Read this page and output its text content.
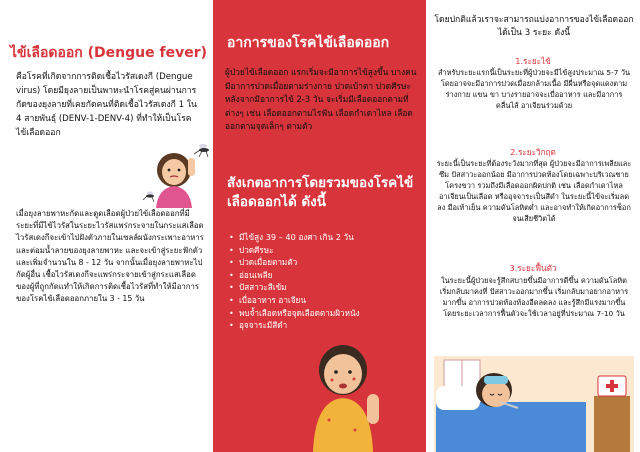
ไข้เลือดออก (Dengue fever)

คือโรคที่เกิดจากการติดเชื้อไวรัสเดงกี (Dengue virus) โดยมียุงลายเป็นพาหะนำโรคสู่คนผ่านการกัดของยุงลายที่เคยกัดคนที่ติดเชื้อไวรัสเดงกี 1 ใน 4 สายพันธุ์ (DENV-1-DENV-4) ที่ทำให้เป็นโรคไข้เลือดออก

เมื่อยุงลายพาหะกัดและดูดเลือดผู้ป่วยไข้เลือดออกที่มีระยะที่มีไข้ไวรัสในระยะไวรัสแพร่กระจายในกระแสเลือด ไวรัสเดงกีจะเข้าไปฝังตัวภายในเซลล์ผนังกระเพาะอาหารและต่อมน้ำลายของยุงลายพาหะ และจะเข้าสู่ระยะฟักตัวและเพิ่มจำนวนใน 8 - 12 วัน จากนั้นเมื่อยุงลายพาหะไปกัดผู้อื่น เชื้อไวรัสเดงกีจะแพร่กระจายเข้าสู่กระแสเลือดของผู้ที่ถูกกัดแทำให้เกิดการติดเชื้อไวรัสที่ทำให้มีอาการของโรคไข้เลือดออกภายใน 3 - 15 วัน

อาการของโรคไข้เลือดออก

ผู้ป่วยไข้เลือดออก แรกเริ่มจะมีอาการไข้สูงขึ้น บางคนมีอาการปวดเมื่อยตามร่างกาย ปวดเบ้าตา ปวดศีรษะ หลังจากมีอาการไข้ 2-3 วัน จะเริ่มมีเลือดออกตามที่ต่างๆ เช่น เลือดออกตามไรฟัน เลือดกำเดาไหล เลือดออกตามจุดเล็กๆ ตามตัว

สังเกตอาการโดยรวมของโรคไข้เลือดออกได้ ดังนี้
• มีไข้สูง 39 – 40 องศา เกิน 2 วัน
• ปวดศีรษะ
• ปวดเมื่อยตามตัว
• อ่อนเพลีย
• ปัสสาวะสีเข้ม
• เบื่ออาหาร อาเจียน
• พบจ้ำเลือดหรือจุดเลือดตามผิวหนัง
• อุจจาระมีสีดำ

โดยปกติแล้วเราจะสามารถแบ่งอาการของไข้เลือดออกได้เป็น 3 ระยะ ดังนี้

1.ระยะไข้

สำหรับระยะแรกนี้เป็นระยะที่ผู้ป่วยจะมีไข้สูงประมาณ 5-7 วัน โดยอาจจะมีอาการปวดเมื่อยกล้ามเนื้อ มีผื่นหรือจุดแดงตามร่างกาย แขน ขา บางรายอาจจะเบื่ออาหาร และมีอาการคลื่นไส้ อาเจียนร่วมด้วย

2.ระยะวิกฤต

ระยะนี้เป็นระยะที่ต้องระวังมากที่สุด ผู้ป่วยจะมีอาการเพลียและซึม ปัสสาวะออกน้อย มีอาการปวดท้องโดยเฉพาะบริเวณชายโครงขวา รวมถึงมีเลือดออกผิดปกติ เช่น เลือดกำเดาไหล อาเจียนเป็นเลือด หรืออุจจาระเป็นสีดำ ในระยะนี้ไข้จะเริ่มลดลง มือเท้าเย็น ความดันโลหิตต่ำ และอาจทำให้เกิดอาการช็อกจนเสียชีวิตได้

3.ระยะฟื้นตัว

ในระยะนี้ผู้ป่วยจะรู้สึกสบายขึ้นมีอาการดีขึ้น ความดันโลหิตเริ่มกลับมาคงที่ ปัสสาวะออกมากขึ้น เริ่มกลับมาอยากอาหารมากขึ้น อาการปวดท้องท้องอืดลดลง และรู้สึกมีแรงมากขึ้น โดยระยะเวลาการฟื้นตัวจะใช้เวลาอยู่ที่ประมาณ 7-10 วัน
